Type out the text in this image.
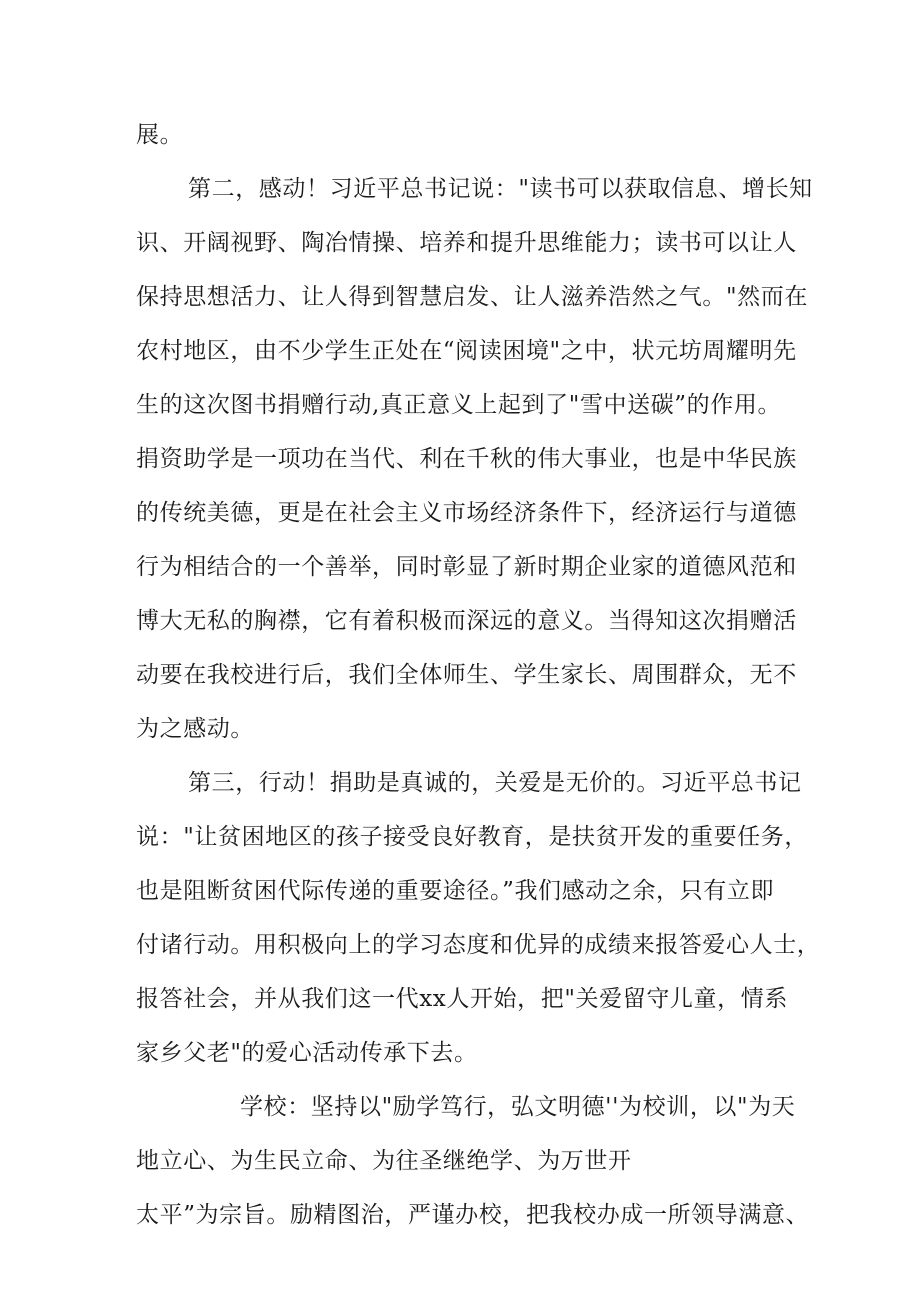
展。
第二，感动！习近平总书记说："读书可以获取信息、增长知
识、开阔视野、陶冶情操、培养和提升思维能力；读书可以让人
保持思想活力、让人得到智慧启发、让人滋养浩然之气。"然而在
农村地区，由不少学生正处在“阅读困境"之中，状元坊周耀明先
生的这次图书捐赠行动,真正意义上起到了"雪中送碳”的作用。
捐资助学是一项功在当代、利在千秋的伟大事业，也是中华民族
的传统美德，更是在社会主义市场经济条件下，经济运行与道德
行为相结合的一个善举，同时彰显了新时期企业家的道德风范和
博大无私的胸襟，它有着积极而深远的意义。当得知这次捐赠活
动要在我校进行后，我们全体师生、学生家长、周围群众，无不
为之感动。
第三，行动！捐助是真诚的，关爱是无价的。习近平总书记
说："让贫困地区的孩子接受良好教育，是扶贫开发的重要任务，
也是阻断贫困代际传递的重要途径。”我们感动之余，只有立即
付诸行动。用积极向上的学习态度和优异的成绩来报答爱心人士，
报答社会，并从我们这一代xx人开始，把"关爱留守儿童，情系
家乡父老"的爱心活动传承下去。
学校：坚持以"励学笃行，弘文明德''为校训，以"为天
地立心、为生民立命、为往圣继绝学、为万世开
太平”为宗旨。励精图治，严谨办校，把我校办成一所领导满意、
